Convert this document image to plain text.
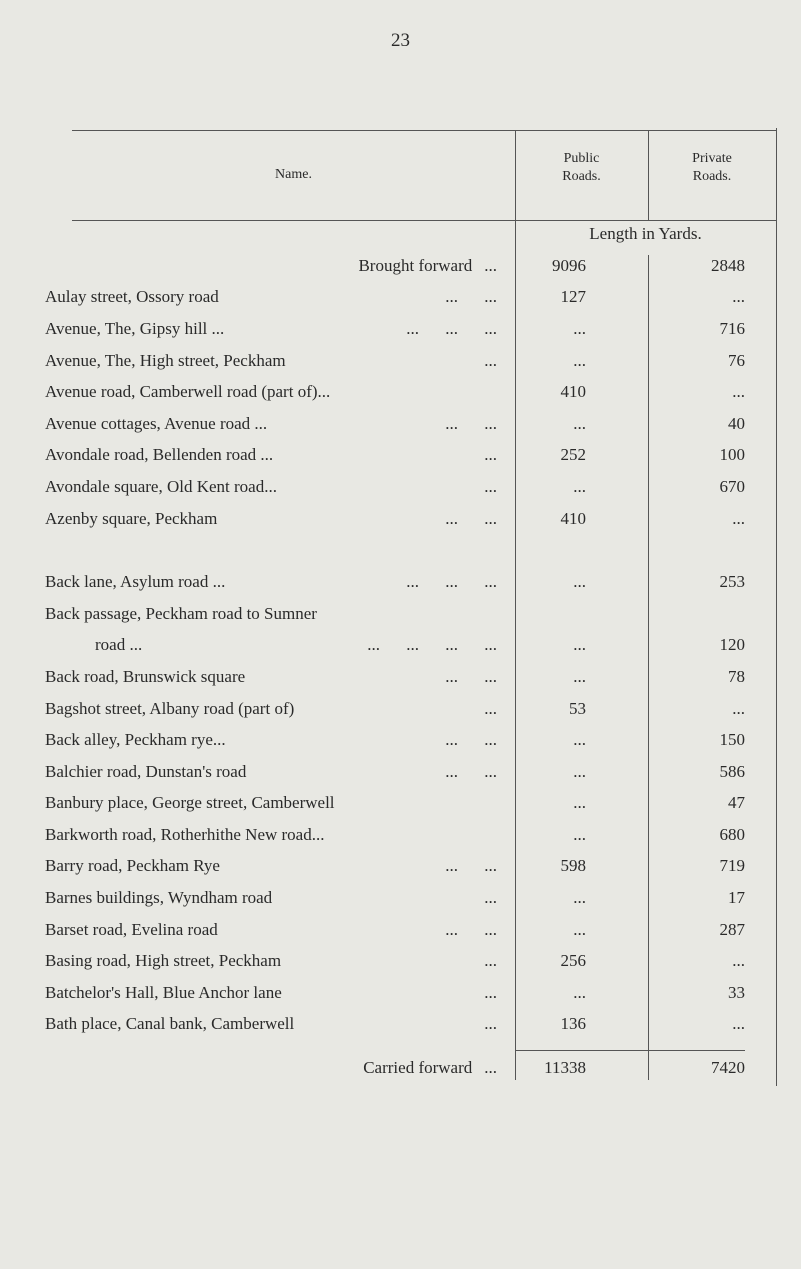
23
Name.
Public
Roads.
Private
Roads.
Length in Yards.
Brought forward ...	9096	2848
Aulay street, Ossory road	... ...	127	...
Avenue, The, Gipsy hill ...	... ... ...	...	716
Avenue, The, High street, Peckham	...	...	76
Avenue road, Camberwell road (part of)...	410	...
Avenue cottages, Avenue road ...	... ...	...	40
Avondale road, Bellenden road ...	...	252	100
Avondale square, Old Kent road...	...	...	670
Azenby square, Peckham	... ...	410	...
Back lane, Asylum road ...	... ... ...	...	253
Back passage, Peckham road to Sumner
road ...	... ... ... ...	...	120
Back road, Brunswick square	... ...	...	78
Bagshot street, Albany road (part of)	...	53	...
Back alley, Peckham rye...	... ...	...	150
Balchier road, Dunstan's road	... ...	...	586
Banbury place, George street, Camberwell	...	47
Barkworth road, Rotherhithe New road...	...	680
Barry road, Peckham Rye	... ...	598	719
Barnes buildings, Wyndham road	...	...	17
Barset road, Evelina road	... ...	...	287
Basing road, High street, Peckham	...	256	...
Batchelor's Hall, Blue Anchor lane	...	...	33
Bath place, Canal bank, Camberwell	...	136	...
Carried forward ...	11338	7420
